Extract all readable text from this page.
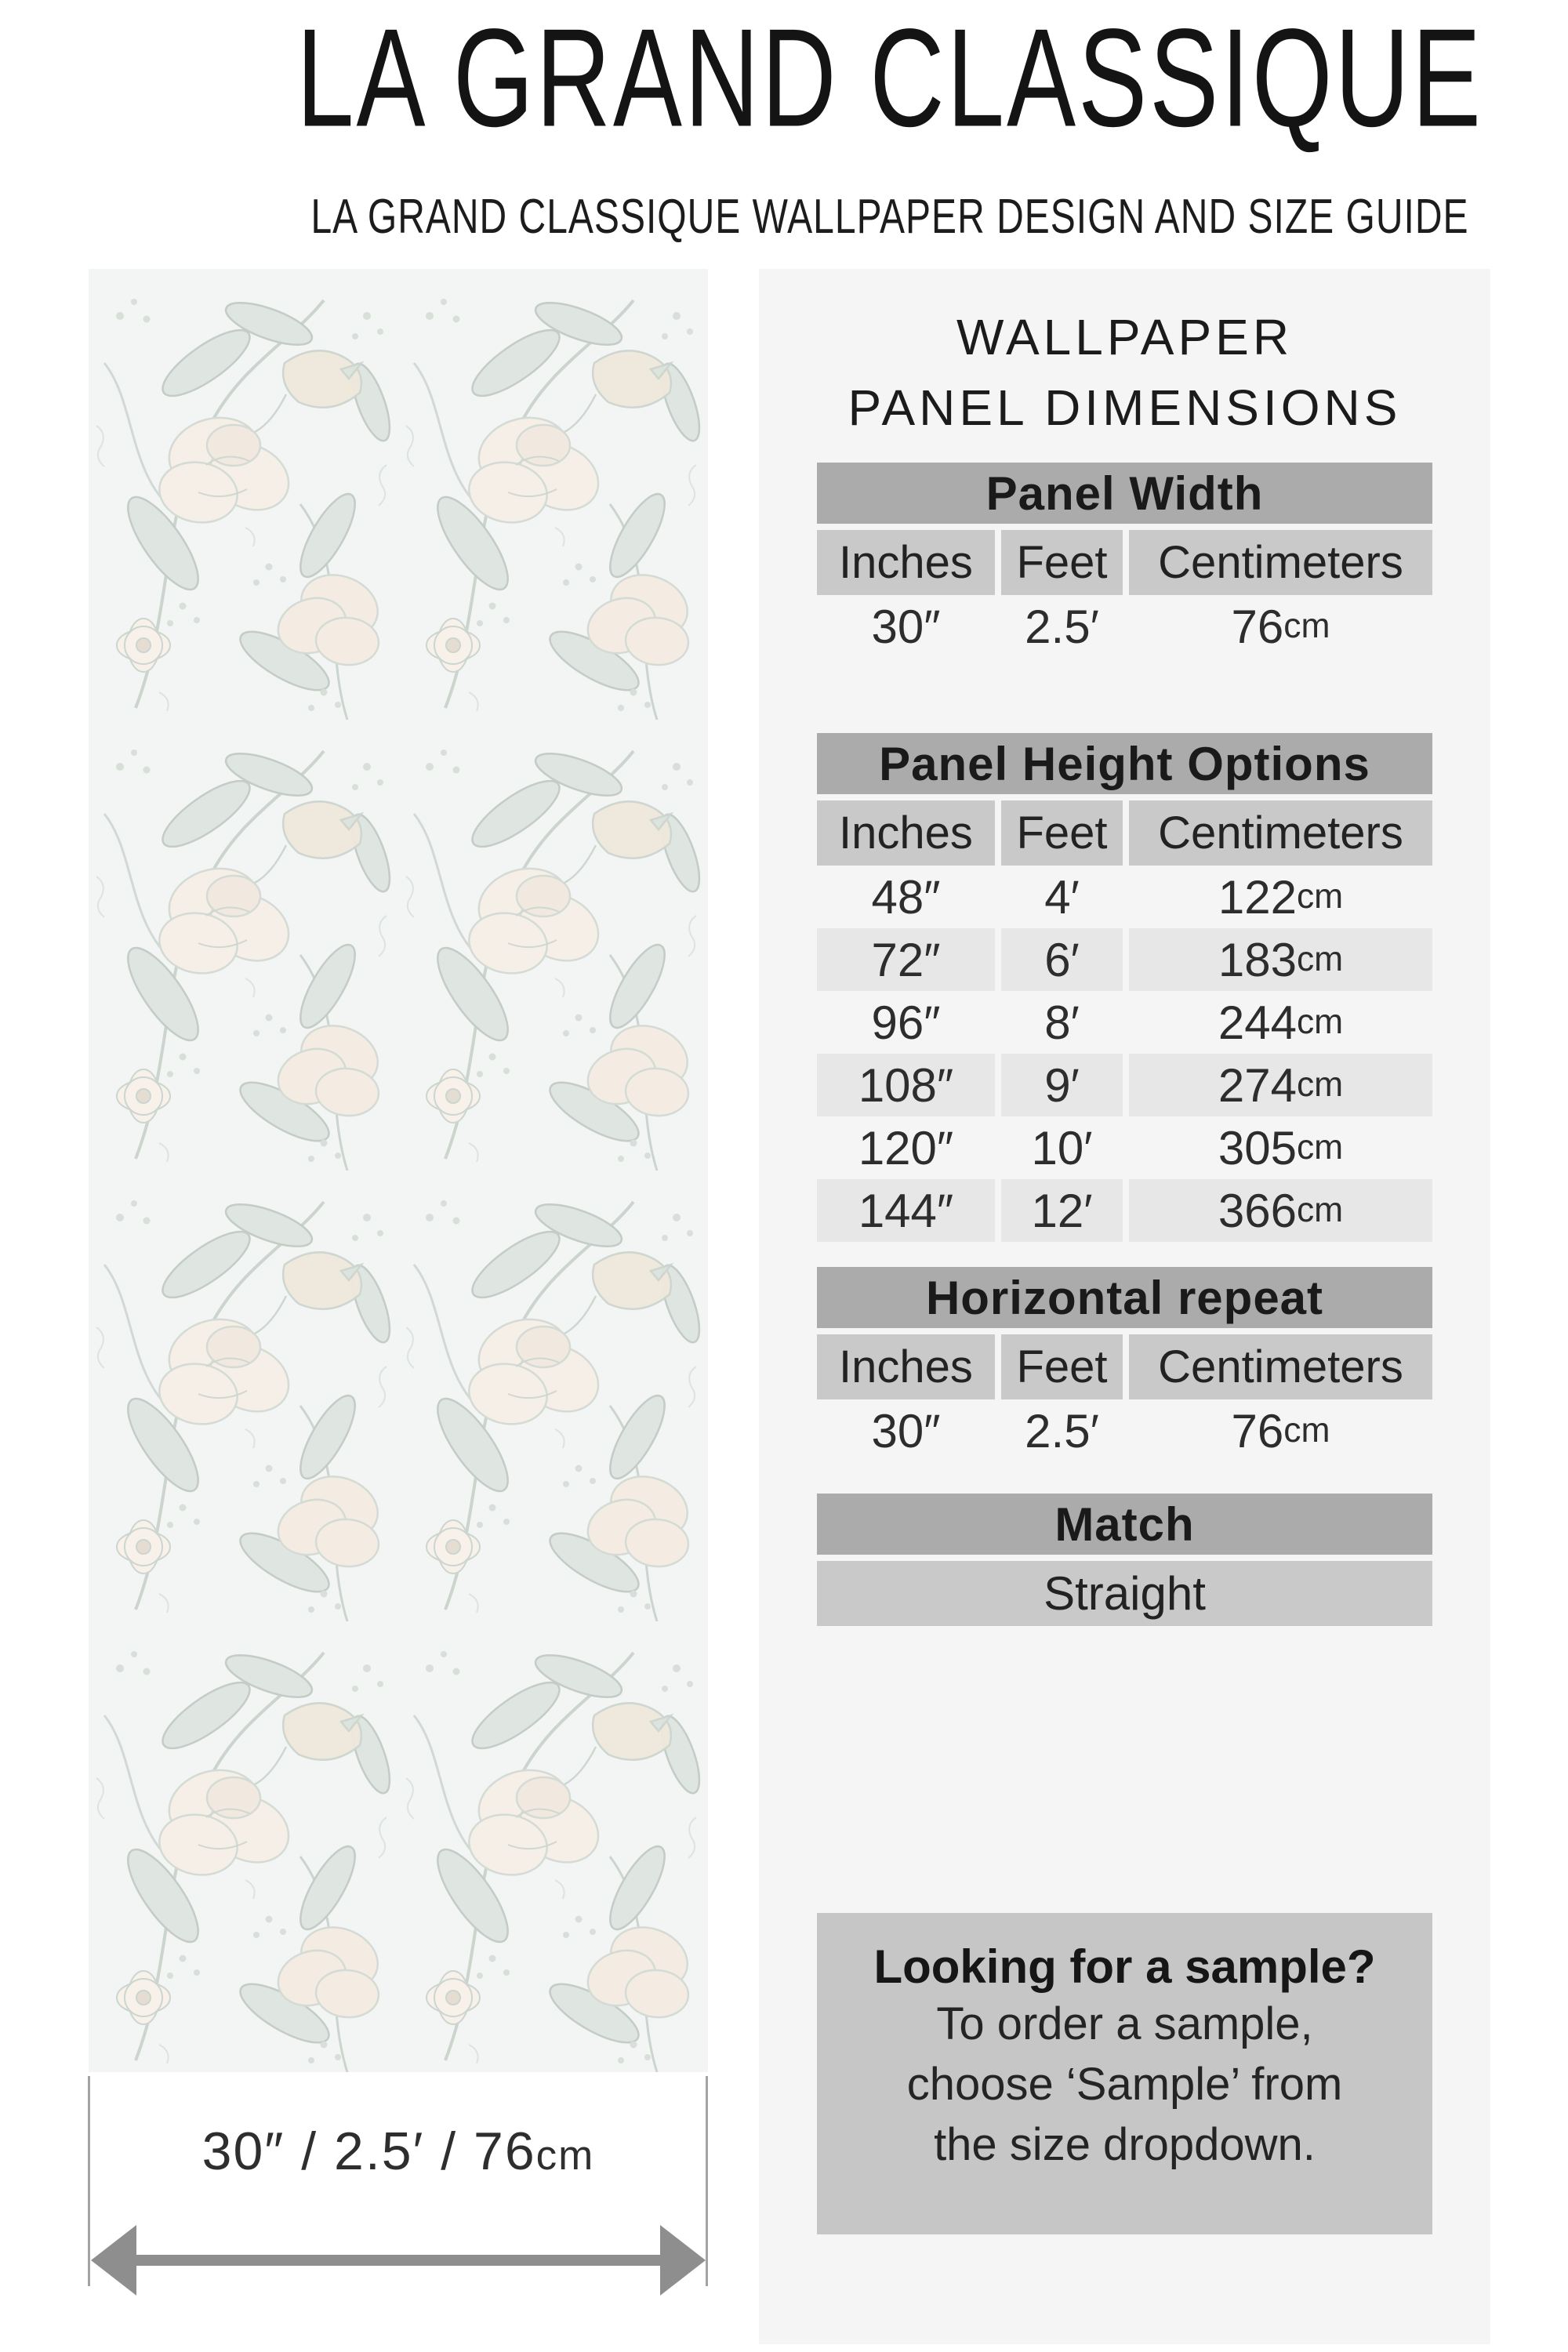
LA GRAND CLASSIQUE
LA GRAND CLASSIQUE WALLPAPER DESIGN AND SIZE GUIDE
30″ / 2.5′ / 76cm
WALLPAPER
PANEL DIMENSIONS
Panel Width
Inches Feet	Centimeters
30″	2.5′	76 cm
Panel Height Options
Inches Feet	Centimeters
48″	4′	122 cm
72″	6′	183 cm
96″	8′	244 cm
108″	9′	274 cm
120″	10′	305 cm
144″	12′	366 cm
Horizontal repeat
Inches Feet	Centimeters
30″	2.5′	76 cm
Match
Straight
Looking for a sample?
To order a sample,
choose ‘Sample’ from
the size dropdown.
